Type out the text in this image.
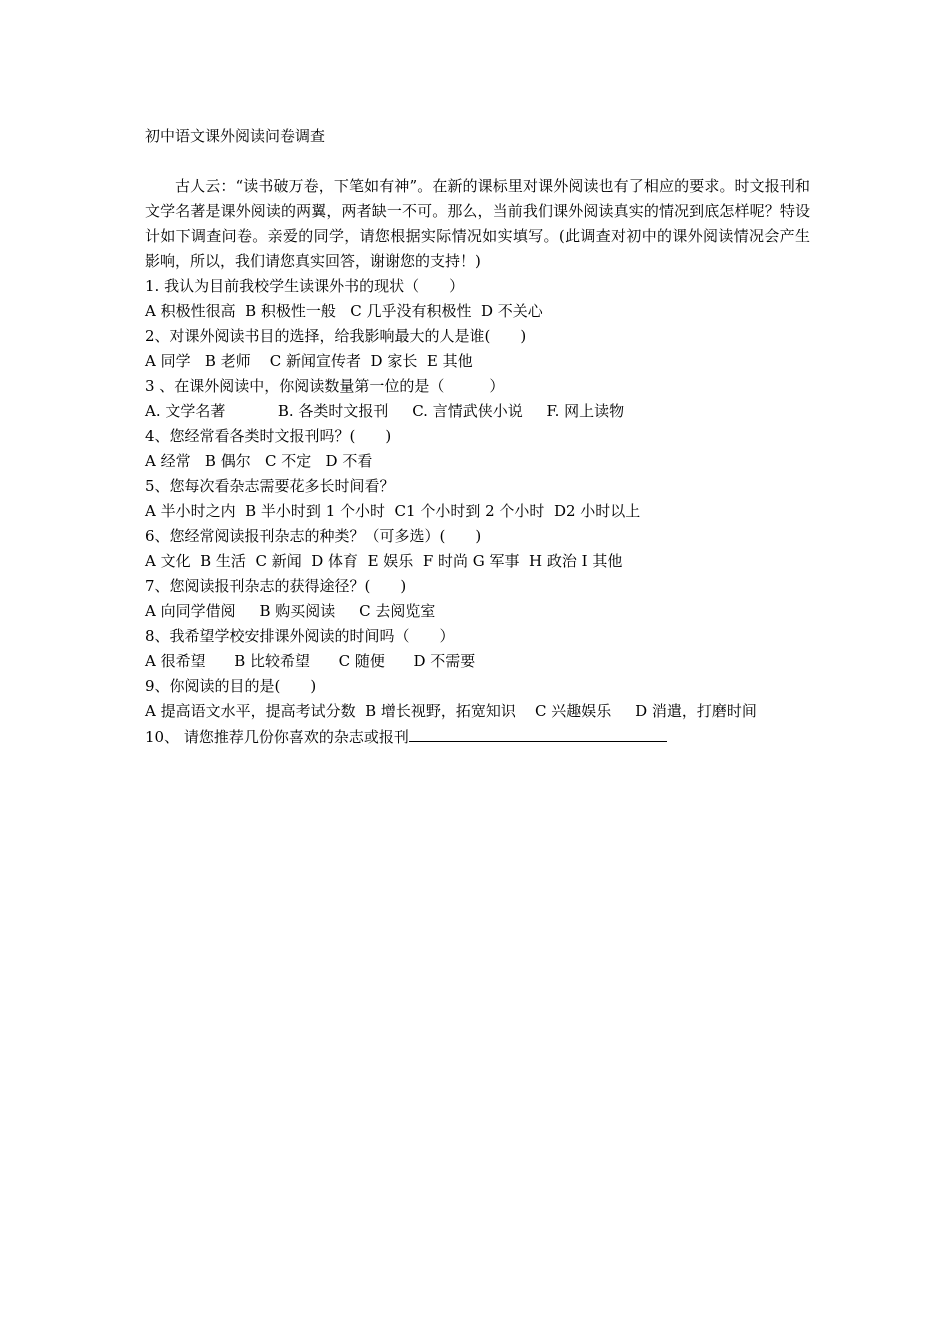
初中语文课外阅读问卷调查

古人云：“读书破万卷，下笔如有神”。在新的课标里对课外阅读也有了相应的要求。时文报刊和文学名著是课外阅读的两翼，两者缺一不可。那么，当前我们课外阅读真实的情况到底怎样呢？特设计如下调查问卷。亲爱的同学，请您根据实际情况如实填写。(此调查对初中的课外阅读情况会产生影响，所以，我们请您真实回答，谢谢您的支持！)

1. 我认为目前我校学生读课外书的现状（　　）
A 积极性很高  B 积极性一般   C 几乎没有积极性  D 不关心
2、对课外阅读书目的选择，给我影响最大的人是谁(　　)
A 同学   B 老师    C 新闻宣传者  D 家长  E 其他
3 、在课外阅读中，你阅读数量第一位的是（　　　）
A. 文学名著           B. 各类时文报刊     C. 言情武侠小说     F. 网上读物
4、您经常看各类时文报刊吗？(　　)
A 经常   B 偶尔   C 不定   D 不看
5、您每次看杂志需要花多长时间看？
A 半小时之内  B 半小时到 1 个小时  C1 个小时到 2 个小时  D2 小时以上
6、您经常阅读报刊杂志的种类？（可多选）(　　)
A 文化  B 生活  C 新闻  D 体育  E 娱乐  F 时尚 G 军事  H 政治 I 其他
7、您阅读报刊杂志的获得途径？(　　)
A 向同学借阅     B 购买阅读     C 去阅览室
8、我希望学校安排课外阅读的时间吗（　　）
A 很希望      B 比较希望      C 随便      D 不需要
9、你阅读的目的是(　　)
A 提高语文水平，提高考试分数  B 增长视野，拓宽知识    C 兴趣娱乐     D 消遣，打磨时间
10、 请您推荐几份你喜欢的杂志或报刊
